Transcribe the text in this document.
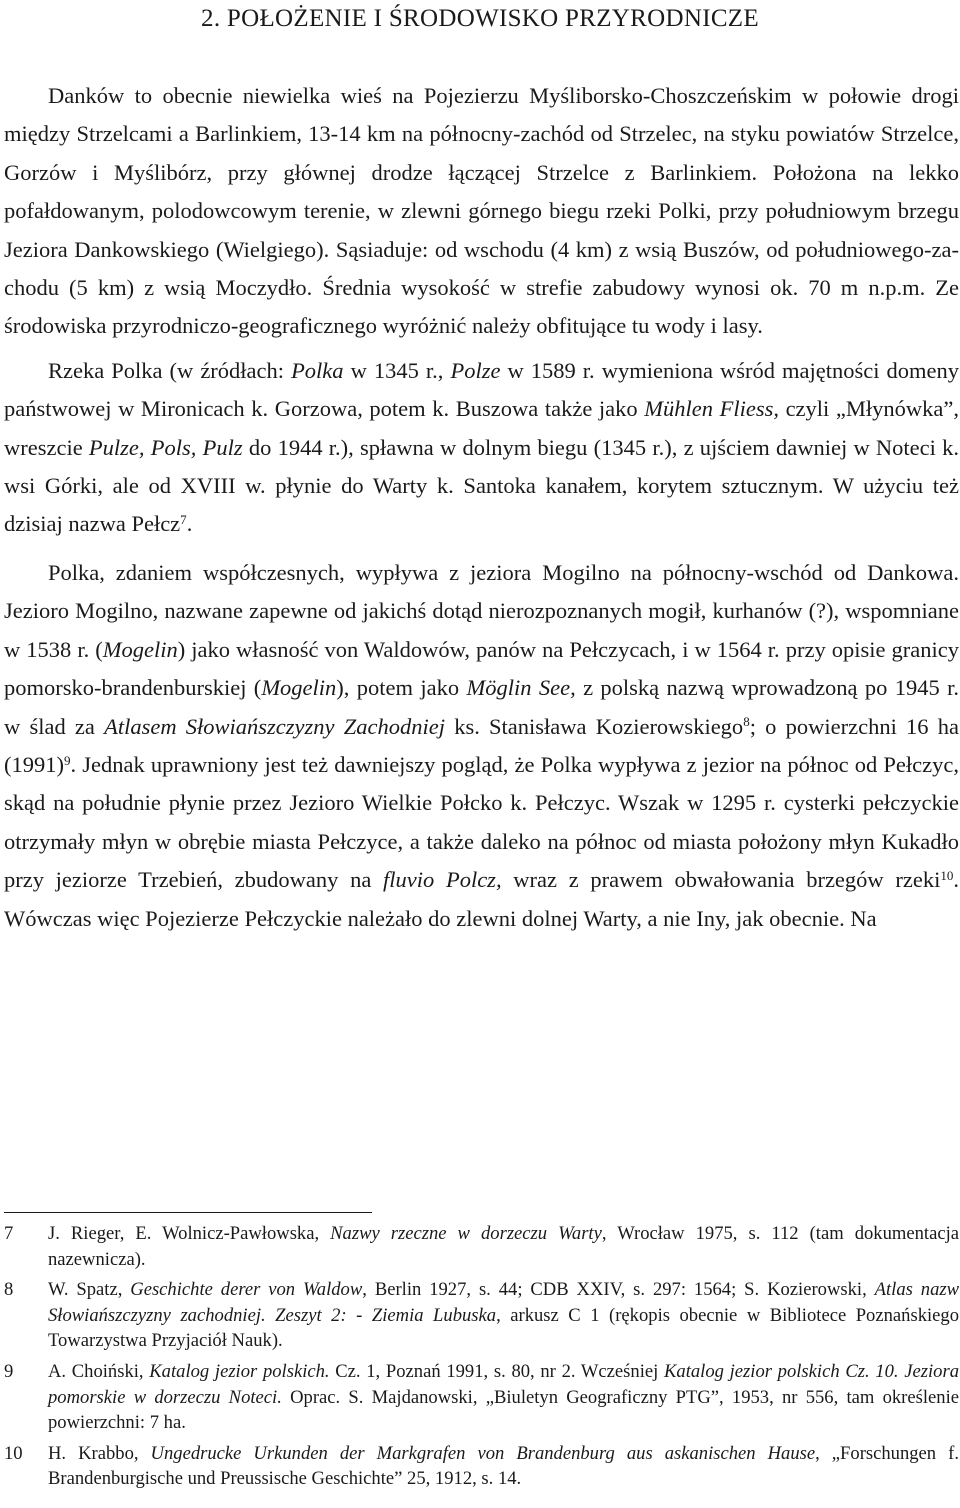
2. POŁOŻENIE I ŚRODOWISKO PRZYRODNICZE

Danków to obecnie niewielka wieś na Pojezierzu Myśliborsko-Choszczeńskim w połowie drogi między Strzelcami a Barlinkiem, 13-14 km na północny-zachód od Strzelec, na styku powiatów Strzelce, Gorzów i Myślibórz, przy głównej drodze łączącej Strzelce z Barlinkiem. Położona na lekko pofałdowanym, polodowcowym terenie, w zlewni górnego biegu rzeki Polki, przy południowym brzegu Jeziora Dankowskiego (Wielgiego). Sąsiaduje: od wschodu (4 km) z wsią Buszów, od południowego-zachodu (5 km) z wsią Moczydło. Średnia wysokość w strefie zabudowy wynosi ok. 70 m n.p.m. Ze środowiska przyrodniczo-geograficznego wyróżnić należy obfitujące tu wody i lasy.

Rzeka Polka (w źródłach: Polka w 1345 r., Polze w 1589 r. wymieniona wśród majętności domeny państwowej w Mironicach k. Gorzowa, potem k. Buszowa także jako Mühlen Fliess, czyli „Młynówka”, wreszcie Pulze, Pols, Pulz do 1944 r.), spławna w dolnym biegu (1345 r.), z ujściem dawniej w Noteci k. wsi Górki, ale od XVIII w. płynie do Warty k. Santoka kanałem, korytem sztucznym. W użyciu też dzisiaj nazwa Pełcz$^7$.

Polka, zdaniem współczesnych, wypływa z jeziora Mogilno na północny-wschód od Dankowa. Jezioro Mogilno, nazwane zapewne od jakichś dotąd nierozpoznanych mogił, kurhanów (?), wspomniane w 1538 r. (Mogelin) jako własność von Waldowów, panów na Pełczycach, i w 1564 r. przy opisie granicy pomorsko-brandenburskiej (Mogelin), potem jako Möglin See, z polską nazwą wprowadzoną po 1945 r. w ślad za Atlasem Słowiańszczyzny Zachodniej ks. Stanisława Kozierowskiego$^8$; o powierzchni 16 ha $(1991)^9$. Jednak uprawniony jest też dawniejszy pogląd, że Polka wypływa z jezior na północ od Pełczyc, skąd na południe płynie przez Jezioro Wielkie Połcko k. Pełczyc. Wszak w 1295 r. cysterki pełczyckie otrzymały młyn w obrębie miasta Pełczyce, a także daleko na północ od miasta położony młyn Kukadło przy jeziorze Trzebień, zbudowany na fluvio Polcz, wraz z prawem obwałowania brzegów rzeki$^{10}$. Wówczas więc Pojezierze Pełczyckie należało do zlewni dolnej Warty, a nie Iny, jak obecnie. Na

7	J. Rieger, E. Wolnicz-Pawłowska, Nazwy rzeczne w dorzeczu Warty, Wrocław 1975, s. 112 (tam dokumentacja nazewnicza).
8	W. Spatz, Geschichte derer von Waldow, Berlin 1927, s. 44; CDB XXIV, s. 297: 1564; S. Kozierowski, Atlas nazw Słowiańszczyzny zachodniej. Zeszyt 2: - Ziemia Lubuska, arkusz C 1 (rękopis obecnie w Bibliotece Poznańskiego Towarzystwa Przyjaciół Nauk).
9	A. Choiński, Katalog jezior polskich. Cz. 1, Poznań 1991, s. 80, nr 2. Wcześniej Katalog jezior polskich Cz. 10. Jeziora pomorskie w dorzeczu Noteci. Oprac. S. Majdanowski, „Biuletyn Geograficzny PTG”, 1953, nr 556, tam określenie powierzchni: 7 ha.
10	H. Krabbo, Ungedrucke Urkunden der Markgrafen von Brandenburg aus askanischen Hause, „Forschungen f. Brandenburgische und Preussische Geschichte” 25, 1912, s. 14.
